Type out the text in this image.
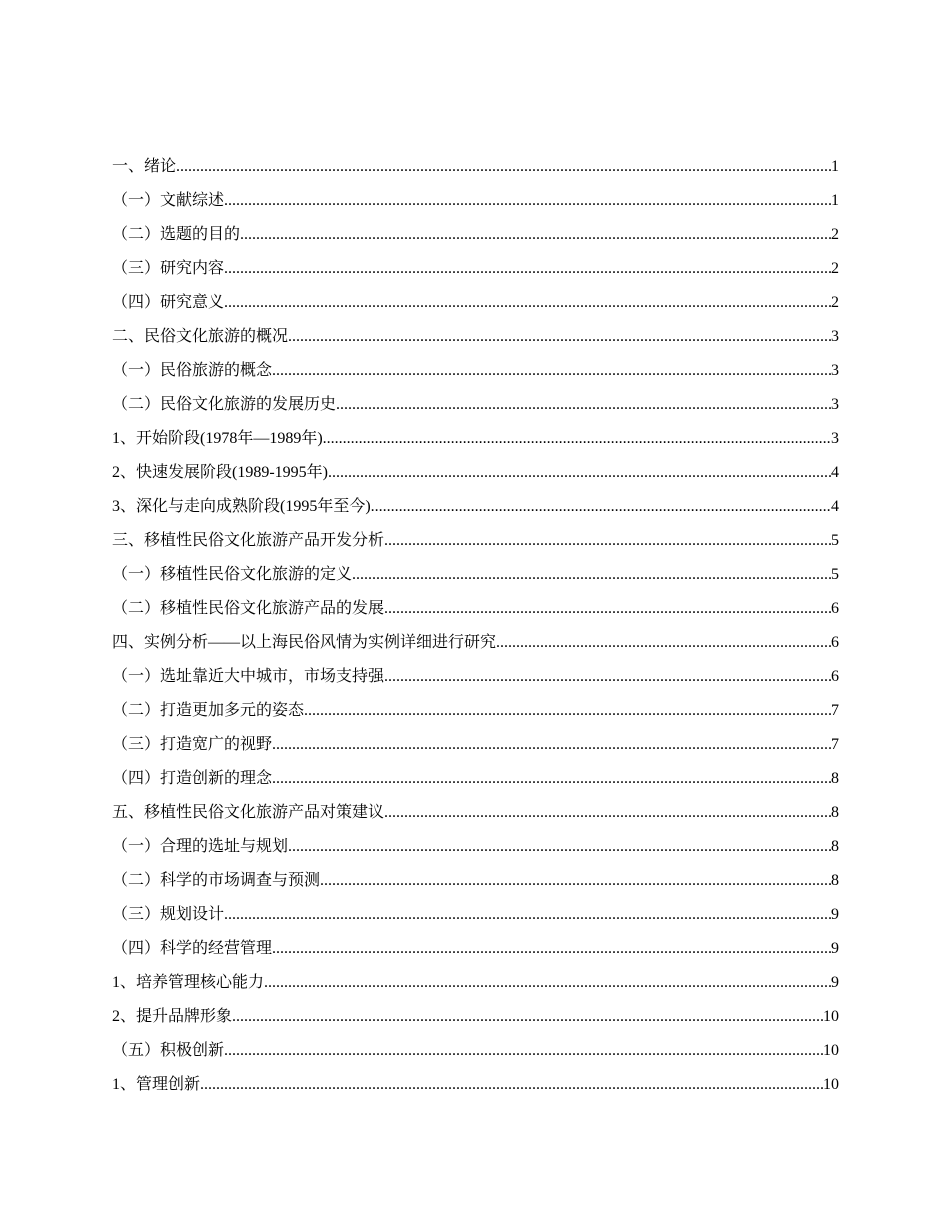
一、绪论 .....	1
（一）文献综述 .....	1
（二）选题的目的 .....	2
（三）研究内容 .....	2
（四）研究意义 .....	2
二、民俗文化旅游的概况 .....	3
（一）民俗旅游的概念 .....	3
（二）民俗文化旅游的发展历史 .....	3
1、开始阶段(1978年—1989年) .....	3
2、快速发展阶段(1989-1995年) .....	4
3、深化与走向成熟阶段(1995年至今) .....	4
三、移植性民俗文化旅游产品开发分析 .....	5
（一）移植性民俗文化旅游的定义 .....	5
（二）移植性民俗文化旅游产品的发展 .....	6
四、实例分析——以上海民俗风情为实例详细进行研究 .....	6
（一）选址靠近大中城市，市场支持强 .....	6
（二）打造更加多元的姿态 .....	7
（三）打造宽广的视野 .....	7
（四）打造创新的理念 .....	8
五、移植性民俗文化旅游产品对策建议 .....	8
（一）合理的选址与规划 .....	8
（二）科学的市场调查与预测 .....	8
（三）规划设计 .....	9
（四）科学的经营管理 .....	9
1、培养管理核心能力 .....	9
2、提升品牌形象 .....	10
（五）积极创新 .....	10
1、管理创新 .....	10
